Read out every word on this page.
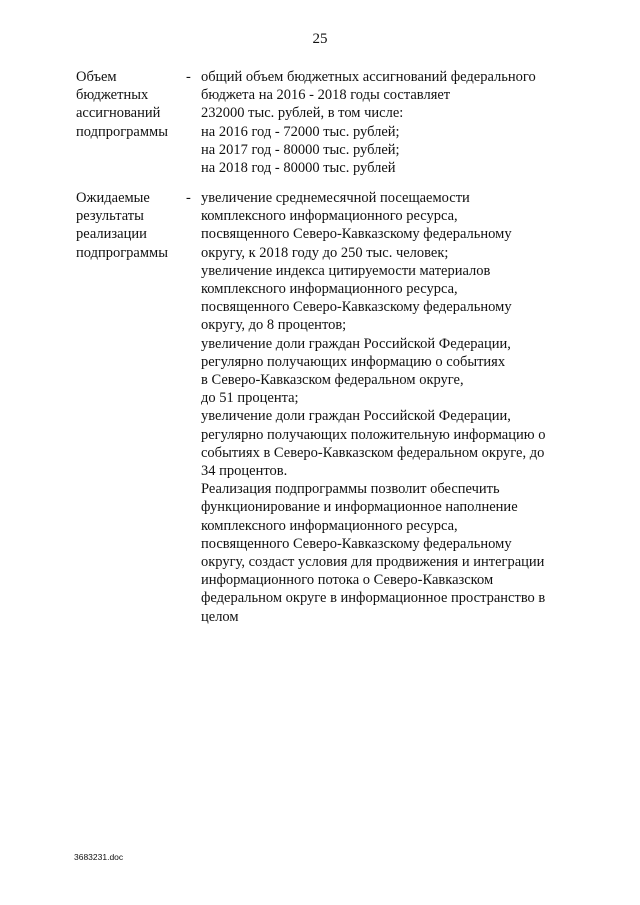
25
Объем
бюджетных
ассигнований
подпрограммы
- общий объем бюджетных ассигнований федерального
бюджета на 2016 - 2018 годы составляет
232000 тыс. рублей, в том числе:
на 2016 год - 72000 тыс. рублей;
на 2017 год - 80000 тыс. рублей;
на 2018 год - 80000 тыс. рублей
Ожидаемые
результаты
реализации
подпрограммы
- увеличение среднемесячной посещаемости
комплексного информационного ресурса,
посвященного Северо-Кавказскому федеральному
округу, к 2018 году до 250 тыс. человек;
увеличение индекса цитируемости материалов
комплексного информационного ресурса,
посвященного Северо-Кавказскому федеральному
округу, до 8 процентов;
увеличение доли граждан Российской Федерации,
регулярно получающих информацию о событиях
в Северо-Кавказском федеральном округе,
до 51 процента;
увеличение доли граждан Российской Федерации,
регулярно получающих положительную информацию о
событиях в Северо-Кавказском федеральном округе, до
34 процентов.
Реализация подпрограммы позволит обеспечить
функционирование и информационное наполнение
комплексного информационного ресурса,
посвященного Северо-Кавказскому федеральному
округу, создаст условия для продвижения и интеграции
информационного потока о Северо-Кавказском
федеральном округе в информационное пространство в
целом
3683231.doc
